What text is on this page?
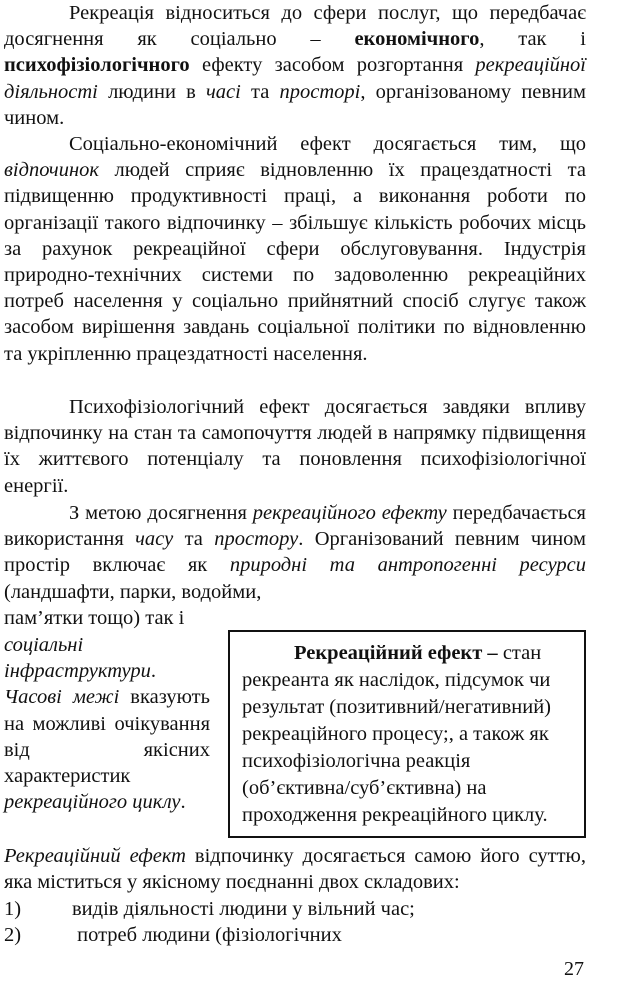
Рекреація відноситься до сфери послуг, що передбачає досягнення як соціально – економічного, так і психофізіологічного ефекту засобом розгортання рекреаційної діяльності людини в часі та просторі, організованому певним чином.

Соціально-економічний ефект досягається тим, що відпочинок людей сприяє відновленню їх працездатності та підвищенню продуктивності праці, а виконання роботи по організації такого відпочинку – збільшує кількість робочих місць за рахунок рекреаційної сфери обслуговування. Індустрія природно-технічних системи по задоволенню рекреаційних потреб населення у соціально прийнятний спосіб слугує також засобом вирішення завдань соціальної політики по відновленню та укріпленню працездатності населення.

Психофізіологічний ефект досягається завдяки впливу відпочинку на стан та самопочуття людей в напрямку підвищення їх життєвого потенціалу та поновлення психофізіологічної енергії.

З метою досягнення рекреаційного ефекту передбачається використання часу та простору. Організований певним чином простір включає як природні та антропогенні ресурси (ландшафти, парки, водойми,

пам’ятки тощо) так і

соціальні інфраструктури. Часові межі вказують на можливі очікування від якісних характеристик рекреаційного циклу.

Рекреаційний ефект відпочинку досягається самою його суттю, яка міститься у якісному поєднанні двох складових:

1)	видів діяльності людини у вільний час;
2)	потреб людини (фізіологічних

Рекреаційний ефект – стан рекреанта як наслідок, підсумок чи результат (позитивний/негативний) рекреаційного процесу;, а також як психофізіологічна реакція (об’єктивна/суб’єктивна) на проходження рекреаційного циклу.

27
